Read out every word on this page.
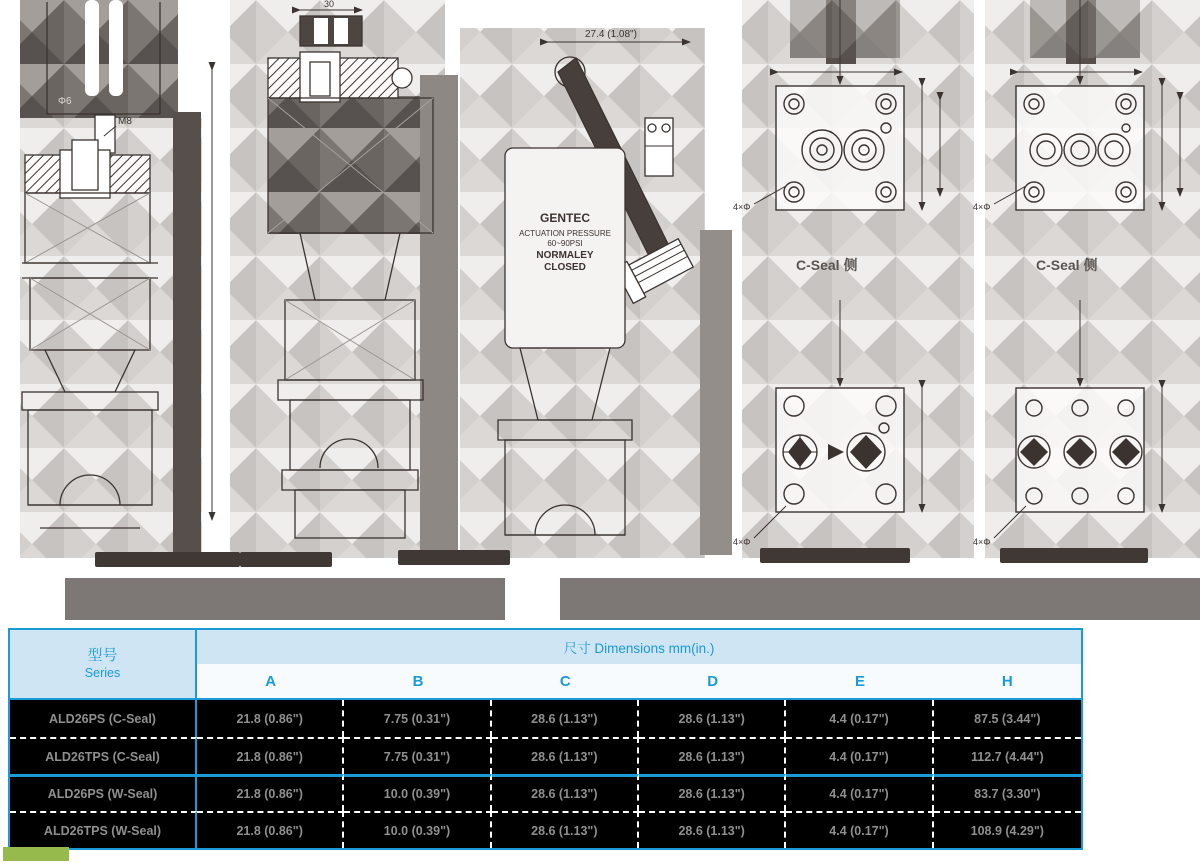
Φ6
M8
30
27.4 (1.08")
GENTEC
ACTUATION PRESSURE
60~90PSI
NORMALEY
CLOSED
4×Φ
C-Seal 侧
4×Φ
4×Φ
C-Seal 侧
4×Φ
型号
Series
尺寸 Dimensions mm(in.)
A	B	C	D	E	H
ALD26PS (C-Seal)	21.8 (0.86")	7.75 (0.31")	28.6 (1.13")	28.6 (1.13")	4.4 (0.17")	87.5 (3.44")
ALD26TPS (C-Seal)	21.8 (0.86")	7.75 (0.31")	28.6 (1.13")	28.6 (1.13")	4.4 (0.17")	112.7 (4.44")
ALD26PS (W-Seal)	21.8 (0.86")	10.0 (0.39")	28.6 (1.13")	28.6 (1.13")	4.4 (0.17")	83.7 (3.30")
ALD26TPS (W-Seal)	21.8 (0.86")	10.0 (0.39")	28.6 (1.13")	28.6 (1.13")	4.4 (0.17")	108.9 (4.29")
